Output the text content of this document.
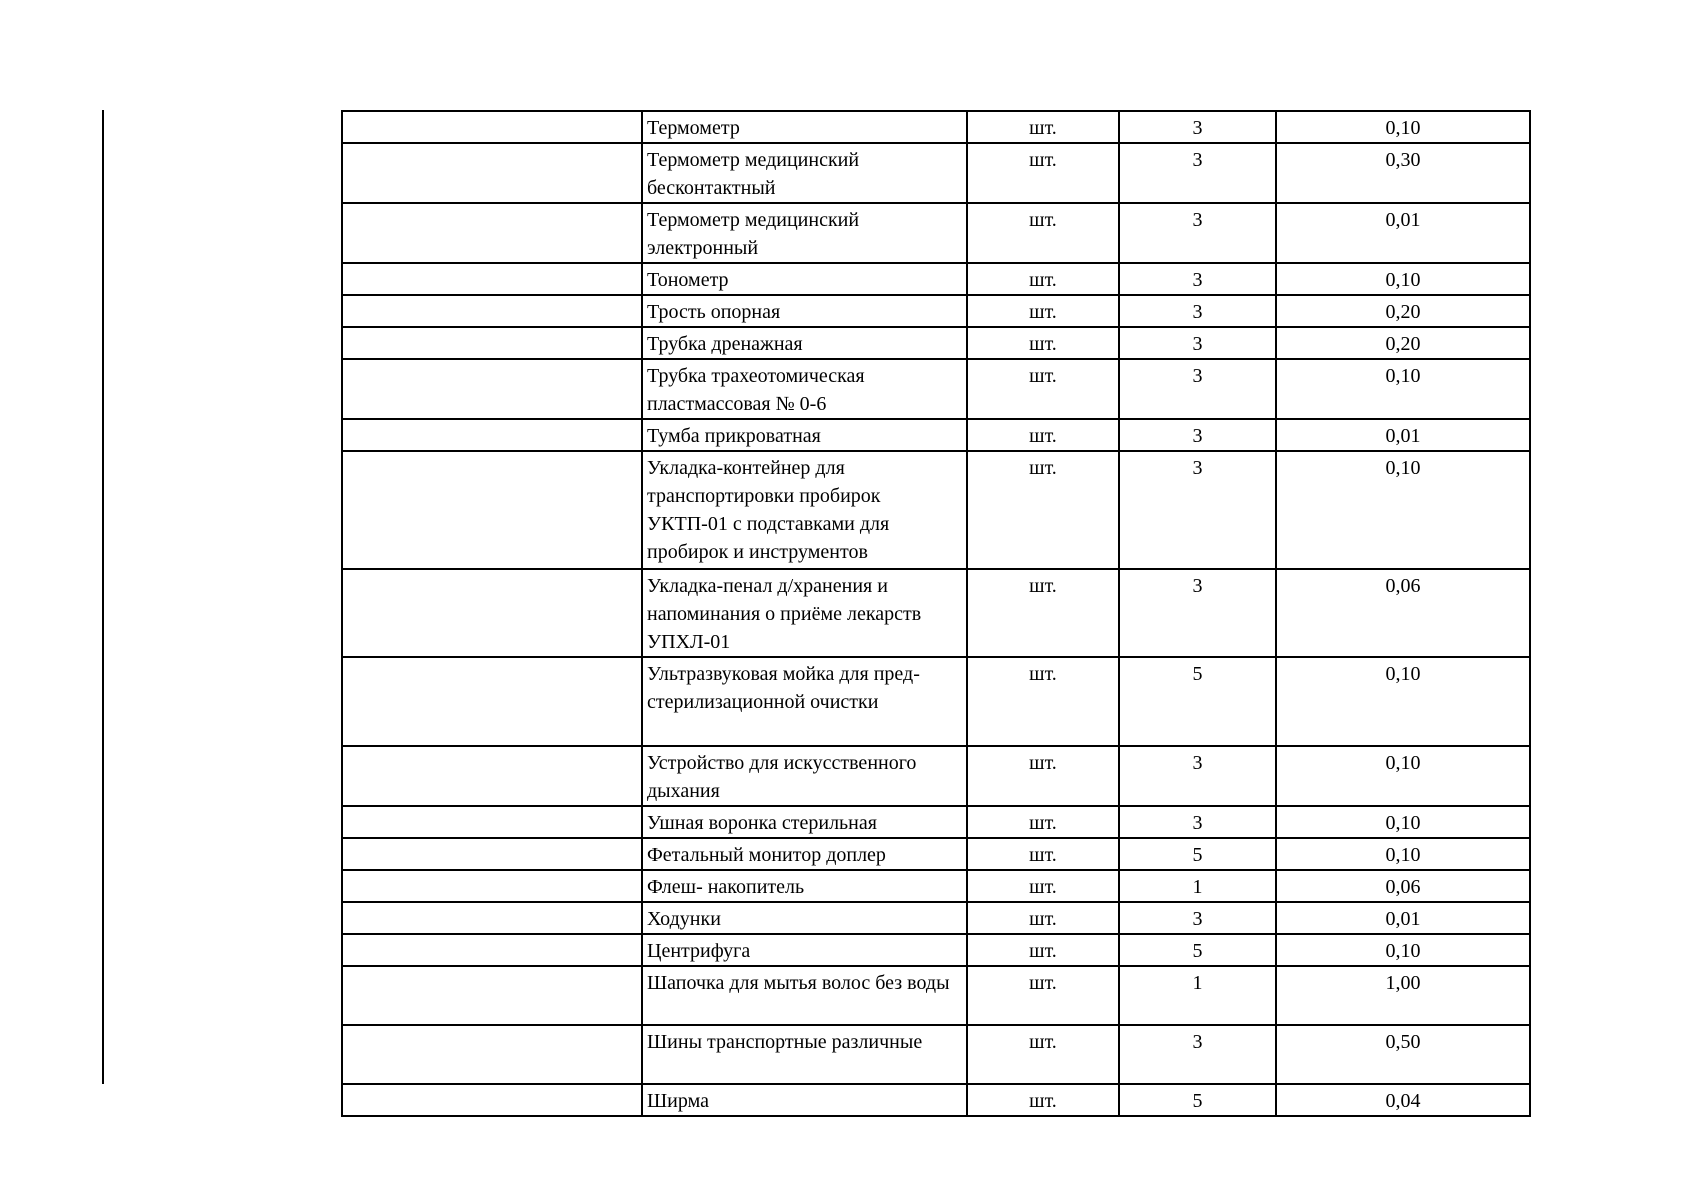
	Термометр	шт.	3	0,10
	Термометр медицинский бесконтактный	шт.	3	0,30
	Термометр медицинский электронный	шт.	3	0,01
	Тонометр	шт.	3	0,10
	Трость опорная	шт.	3	0,20
	Трубка дренажная	шт.	3	0,20
	Трубка трахеотомическая пластмассовая № 0-6	шт.	3	0,10
	Тумба прикроватная	шт.	3	0,01
	Укладка-контейнер для транспортировки пробирок УКТП-01 с подставками для пробирок и инструментов	шт.	3	0,10
	Укладка-пенал д/хранения и напоминания о приёме лекарств УПХЛ-01	шт.	3	0,06
	Ультразвуковая мойка для пред-стерилизационной очистки	шт.	5	0,10
	Устройство для искусственного дыхания	шт.	3	0,10
	Ушная воронка стерильная	шт.	3	0,10
	Фетальный монитор доплер	шт.	5	0,10
	Флеш- накопитель	шт.	1	0,06
	Ходунки	шт.	3	0,01
	Центрифуга	шт.	5	0,10
	Шапочка для мытья волос без воды	шт.	1	1,00
	Шины транспортные различные	шт.	3	0,50
	Ширма	шт.	5	0,04
